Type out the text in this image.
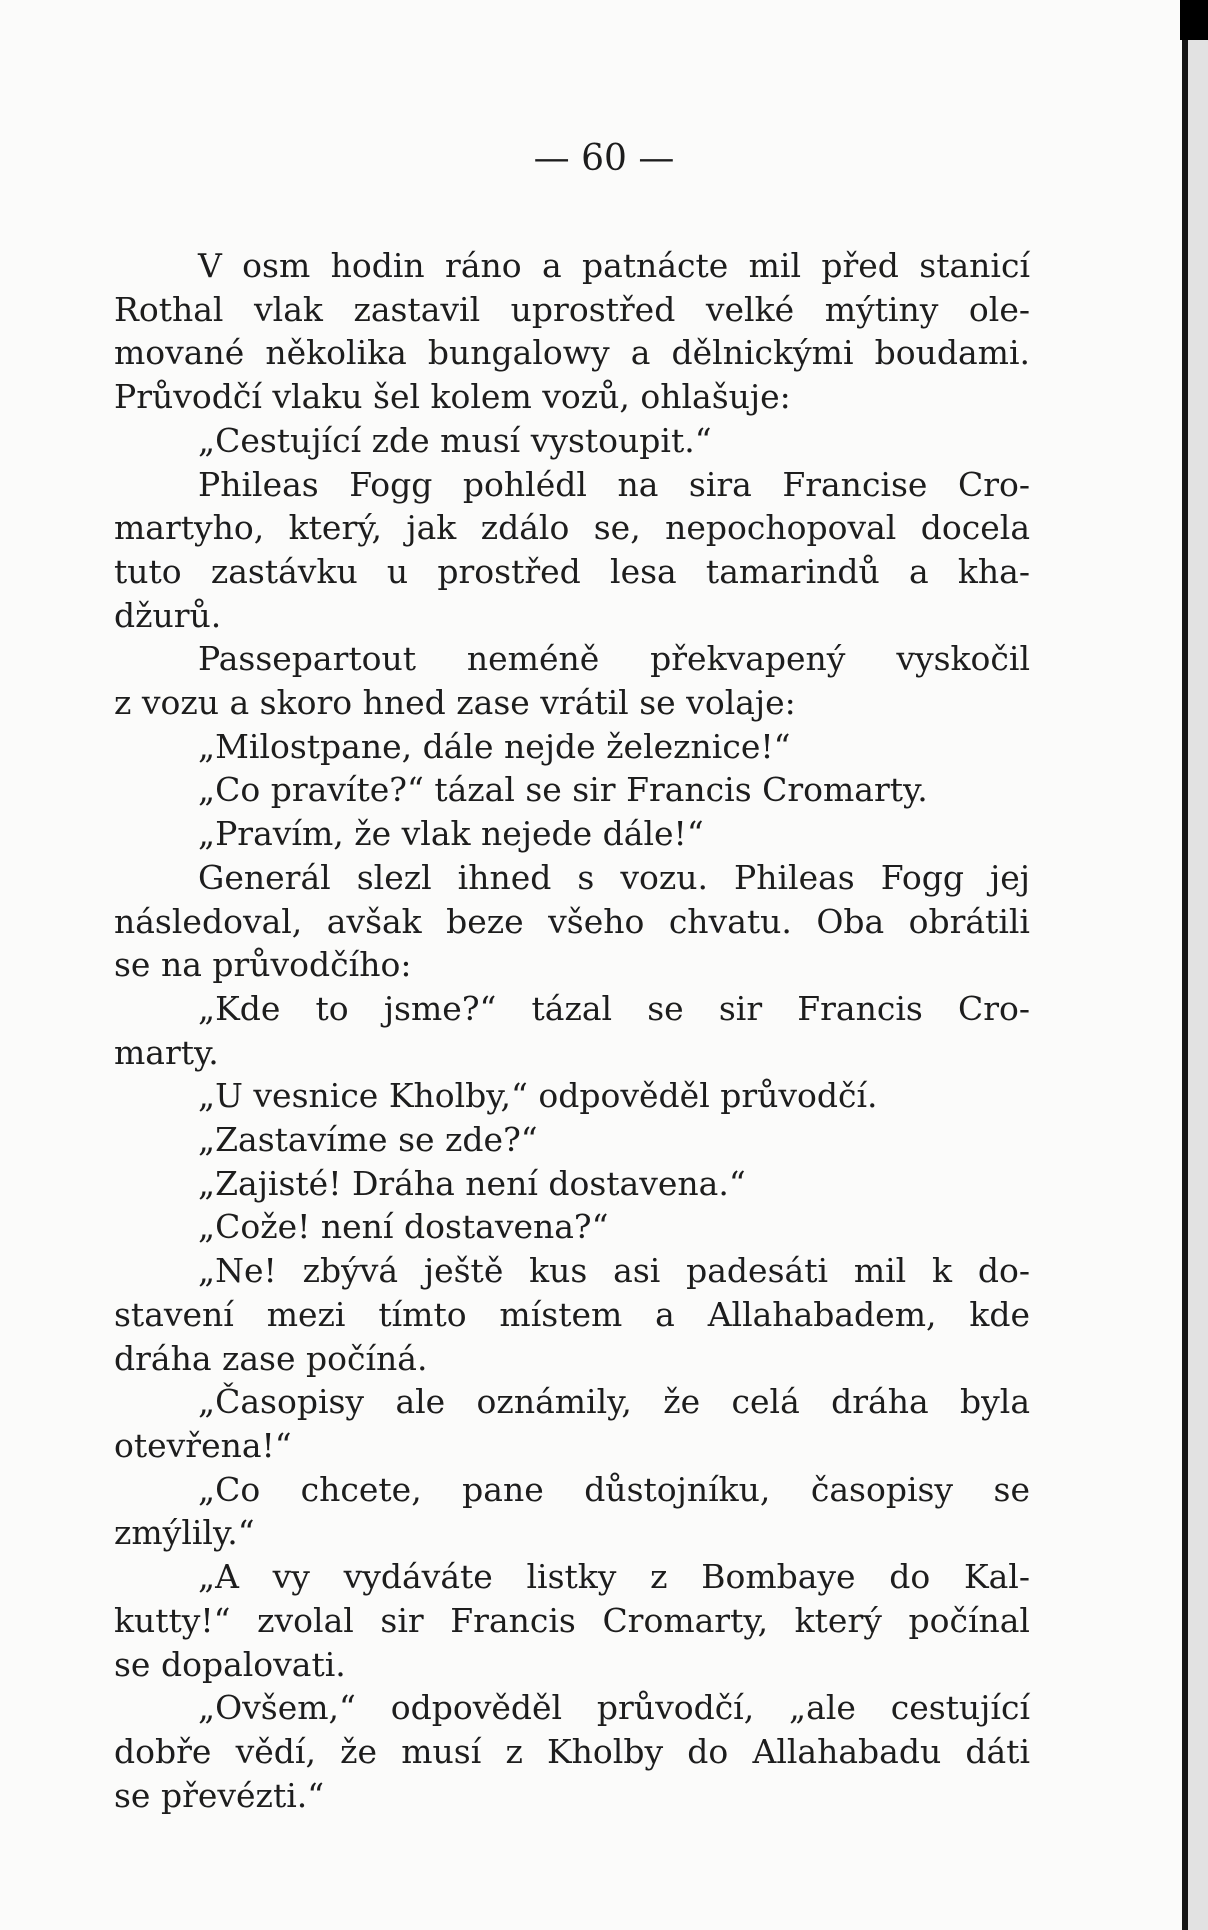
— 60 —
V osm hodin ráno a patnácte mil před stanicí
Rothal vlak zastavil uprostřed velké mýtiny ole-
mované několika bungalowy a dělnickými boudami.
Průvodčí vlaku šel kolem vozů, ohlašuje:
„Cestující zde musí vystoupit.“
Phileas Fogg pohlédl na sira Francise Cro-
martyho, který, jak zdálo se, nepochopoval docela
tuto zastávku u prostřed lesa tamarindů a kha-
džurů.
Passepartout neméně překvapený vyskočil
z vozu a skoro hned zase vrátil se volaje:
„Milostpane, dále nejde železnice!“
„Co pravíte?“ tázal se sir Francis Cromarty.
„Pravím, že vlak nejede dále!“
Generál slezl ihned s vozu. Phileas Fogg jej
následoval, avšak beze všeho chvatu. Oba obrátili
se na průvodčího:
„Kde to jsme?“ tázal se sir Francis Cro-
marty.
„U vesnice Kholby,“ odpověděl průvodčí.
„Zastavíme se zde?“
„Zajisté! Dráha není dostavena.“
„Cože! není dostavena?“
„Ne! zbývá ještě kus asi padesáti mil k do-
stavení mezi tímto místem a Allahabadem, kde
dráha zase počíná.
„Časopisy ale oznámily, že celá dráha byla
otevřena!“
„Co chcete, pane důstojníku, časopisy se
zmýlily.“
„A vy vydáváte listky z Bombaye do Kal-
kutty!“ zvolal sir Francis Cromarty, který počínal
se dopalovati.
„Ovšem,“ odpověděl průvodčí, „ale cestující
dobře vědí, že musí z Kholby do Allahabadu dáti
se převézti.“
